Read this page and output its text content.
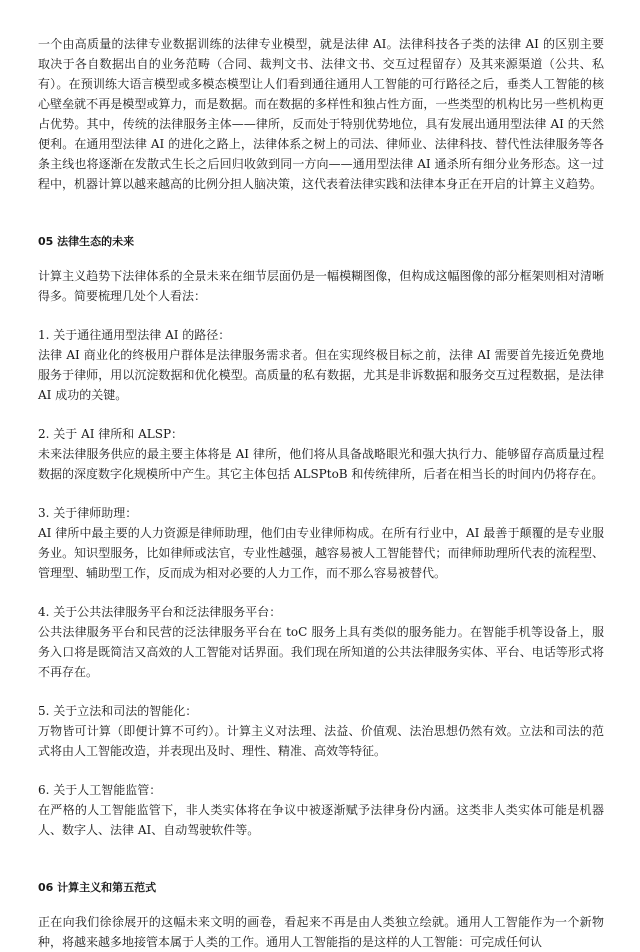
一个由高质量的法律专业数据训练的法律专业模型，就是法律 AI。法律科技各子类的法律 AI 的区别主要取决于各自数据出自的业务范畴（合同、裁判文书、法律文书、交互过程留存）及其来源渠道（公共、私有）。在预训练大语言模型或多模态模型让人们看到通往通用人工智能的可行路径之后，垂类人工智能的核心壁垒就不再是模型或算力，而是数据。而在数据的多样性和独占性方面，一些类型的机构比另一些机构更占优势。其中，传统的法律服务主体——律所，反而处于特别优势地位，具有发展出通用型法律 AI 的天然便利。在通用型法律 AI 的进化之路上，法律体系之树上的司法、律师业、法律科技、替代性法律服务等各条主线也将逐渐在发散式生长之后回归收敛到同一方向——通用型法律 AI 通杀所有细分业务形态。这一过程中，机器计算以越来越高的比例分担人脑决策，这代表着法律实践和法律本身正在开启的计算主义趋势。

05 法律生态的未来

计算主义趋势下法律体系的全景未来在细节层面仍是一幅模糊图像，但构成这幅图像的部分框架则相对清晰得多。简要梳理几处个人看法：

1. 关于通往通用型法律 AI 的路径：

法律 AI 商业化的终极用户群体是法律服务需求者。但在实现终极目标之前，法律 AI 需要首先接近免费地服务于律师，用以沉淀数据和优化模型。高质量的私有数据，尤其是非诉数据和服务交互过程数据，是法律 AI 成功的关键。

2. 关于 AI 律所和 ALSP：

未来法律服务供应的最主要主体将是 AI 律所，他们将从具备战略眼光和强大执行力、能够留存高质量过程数据的深度数字化规模所中产生。其它主体包括 ALSPtoB 和传统律所，后者在相当长的时间内仍将存在。

3. 关于律师助理：

AI 律所中最主要的人力资源是律师助理，他们由专业律师构成。在所有行业中，AI 最善于颠覆的是专业服务业。知识型服务，比如律师或法官，专业性越强，越容易被人工智能替代；而律师助理所代表的流程型、管理型、辅助型工作，反而成为相对必要的人力工作，而不那么容易被替代。

4. 关于公共法律服务平台和泛法律服务平台：

公共法律服务平台和民营的泛法律服务平台在 toC 服务上具有类似的服务能力。在智能手机等设备上，服务入口将是既简洁又高效的人工智能对话界面。我们现在所知道的公共法律服务实体、平台、电话等形式将不再存在。

5. 关于立法和司法的智能化：

万物皆可计算（即便计算不可约）。计算主义对法理、法益、价值观、法治思想仍然有效。立法和司法的范式将由人工智能改造，并表现出及时、理性、精准、高效等特征。

6. 关于人工智能监管：

在严格的人工智能监管下，非人类实体将在争议中被逐渐赋予法律身份内涵。这类非人类实体可能是机器人、数字人、法律 AI、自动驾驶软件等。

06 计算主义和第五范式

正在向我们徐徐展开的这幅未来文明的画卷，看起来不再是由人类独立绘就。通用人工智能作为一个新物种，将越来越多地接管本属于人类的工作。通用人工智能指的是这样的人工智能：可完成任何认
